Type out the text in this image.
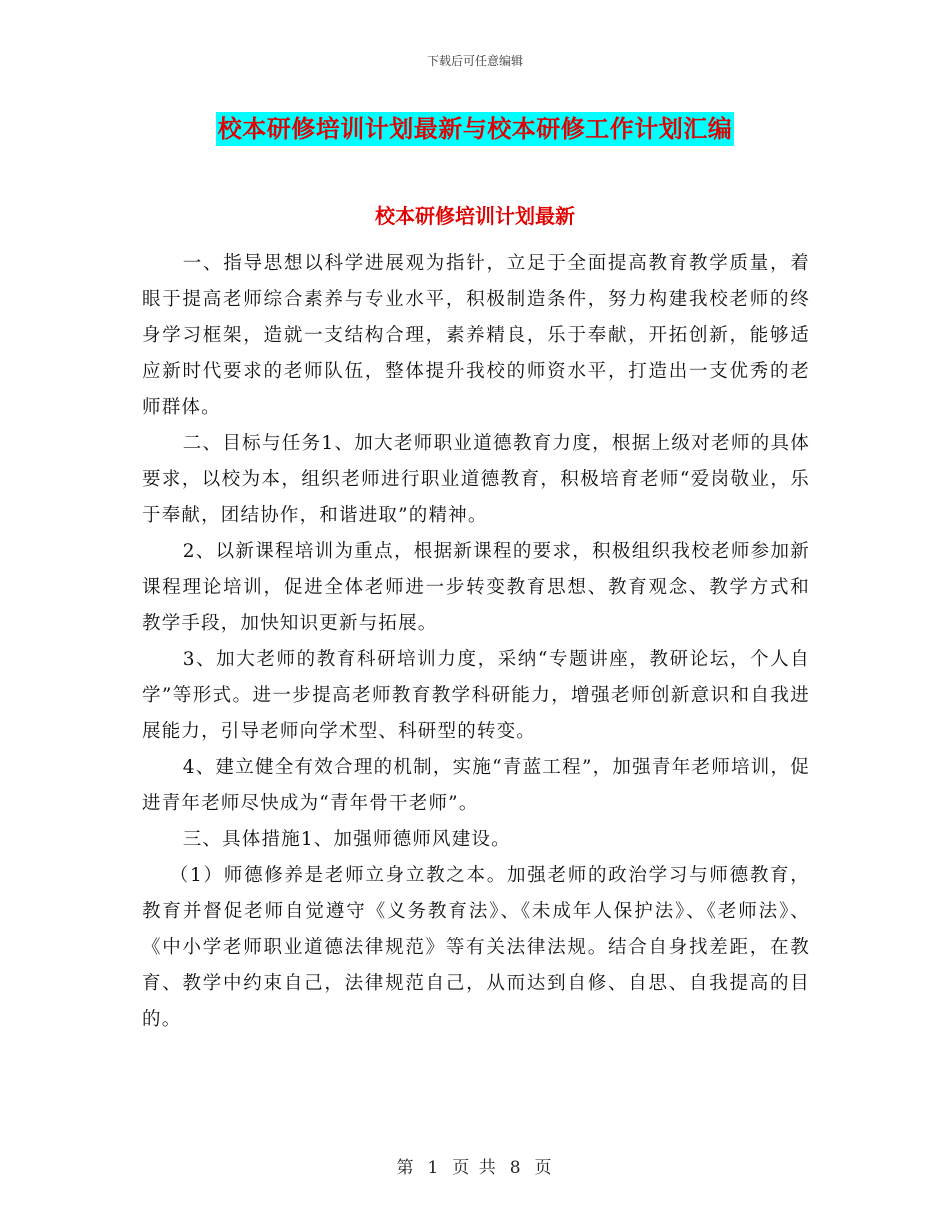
下载后可任意编辑
校本研修培训计划最新与校本研修工作计划汇编
校本研修培训计划最新

一、指导思想以科学进展观为指针，立足于全面提高教育教学质量，着眼于提高老师综合素养与专业水平，积极制造条件，努力构建我校老师的终身学习框架，造就一支结构合理，素养精良，乐于奉献，开拓创新，能够适应新时代要求的老师队伍，整体提升我校的师资水平，打造出一支优秀的老师群体。

二、目标与任务1、加大老师职业道德教育力度，根据上级对老师的具体要求，以校为本，组织老师进行职业道德教育，积极培育老师“爱岗敬业，乐于奉献，团结协作，和谐进取”的精神。

2、以新课程培训为重点，根据新课程的要求，积极组织我校老师参加新课程理论培训，促进全体老师进一步转变教育思想、教育观念、教学方式和教学手段，加快知识更新与拓展。

3、加大老师的教育科研培训力度，采纳“专题讲座，教研论坛，个人自学”等形式。进一步提高老师教育教学科研能力，增强老师创新意识和自我进展能力，引导老师向学术型、科研型的转变。

4、建立健全有效合理的机制，实施“青蓝工程”，加强青年老师培训，促进青年老师尽快成为“青年骨干老师”。

三、具体措施1、加强师德师风建设。

（1）师德修养是老师立身立教之本。加强老师的政治学习与师德教育，教育并督促老师自觉遵守《义务教育法》、《未成年人保护法》、《老师法》、《中小学老师职业道德法律规范》等有关法律法规。结合自身找差距，在教育、教学中约束自己，法律规范自己，从而达到自修、自思、自我提高的目的。

第 1 页 共 8 页
